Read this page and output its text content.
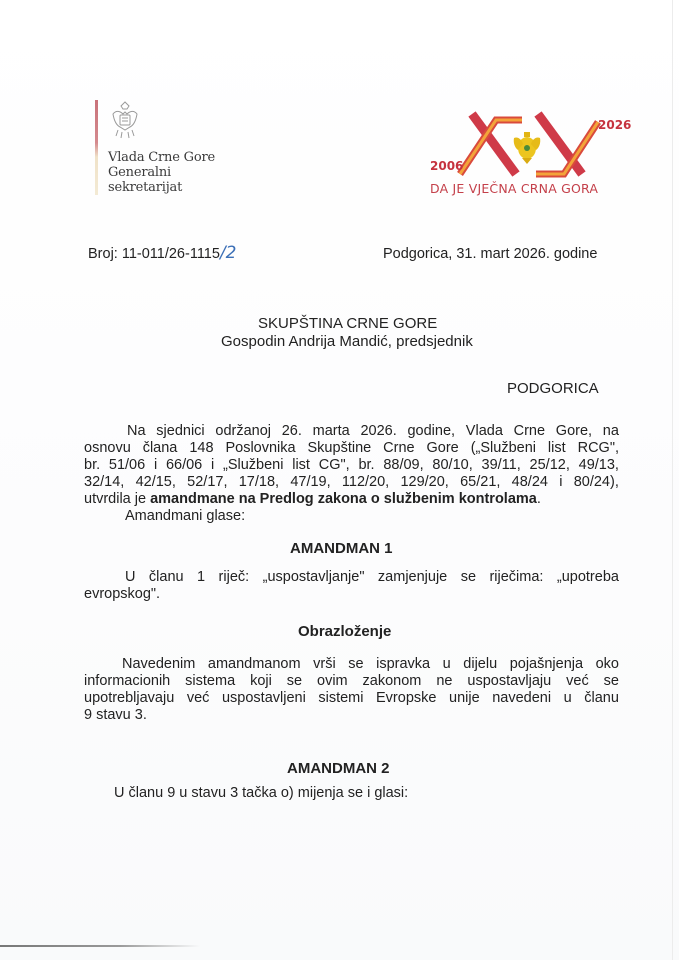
Vlada Crne Gore
Generalni
sekretarijat
2006
2026
DA JE VJEČNA CRNA GORA
Broj: 11-011/26-1115/2	Podgorica, 31. mart 2026. godine
SKUPŠTINA CRNE GORE
Gospodin Andrija Mandić, predsjednik
PODGORICA
Na sjednici održanoj 26. marta 2026. godine, Vlada Crne Gore, na
osnovu člana 148 Poslovnika Skupštine Crne Gore („Službeni list RCG",
br. 51/06 i 66/06 i „Službeni list CG", br. 88/09, 80/10, 39/11, 25/12, 49/13,
32/14, 42/15, 52/17, 17/18, 47/19, 112/20, 129/20, 65/21, 48/24 i 80/24),
utvrdila je amandmane na Predlog zakona o službenim kontrolama.
Amandmani glase:
AMANDMAN 1
U članu 1 riječ: „uspostavljanje" zamjenjuje se riječima: „upotreba
evropskog".
Obrazloženje
Navedenim amandmanom vrši se ispravka u dijelu pojašnjenja oko
informacionih sistema koji se ovim zakonom ne uspostavljaju već se
upotrebljavaju već uspostavljeni sistemi Evropske unije navedeni u članu
9 stavu 3.
AMANDMAN 2
U članu 9 u stavu 3 tačka o) mijenja se i glasi:
